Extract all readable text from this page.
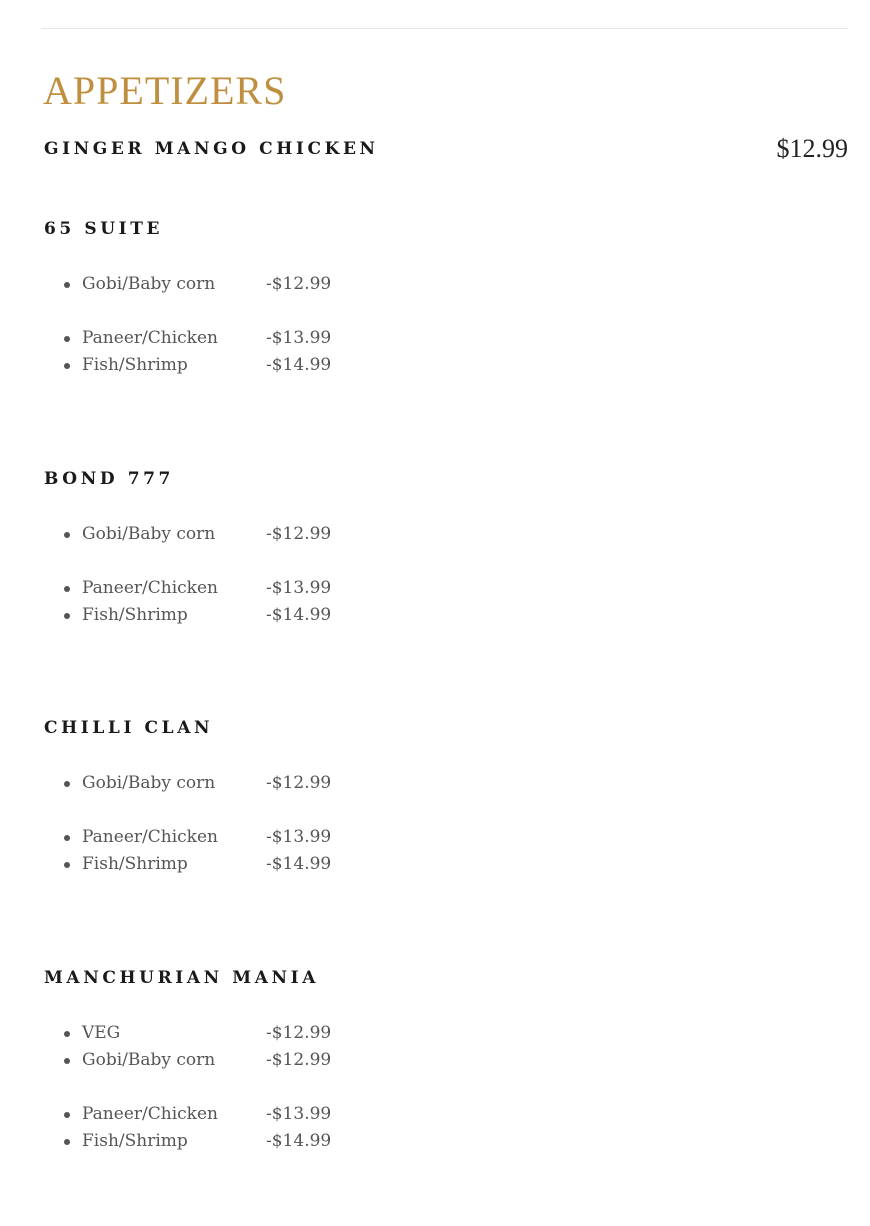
APPETIZERS
GINGER MANGO CHICKEN	$12.99
65 SUITE
Gobi/Baby corn	-$12.99
Paneer/Chicken	-$13.99
Fish/Shrimp	-$14.99
BOND 777
Gobi/Baby corn	-$12.99
Paneer/Chicken	-$13.99
Fish/Shrimp	-$14.99
CHILLI CLAN
Gobi/Baby corn	-$12.99
Paneer/Chicken	-$13.99
Fish/Shrimp	-$14.99
MANCHURIAN MANIA
VEG	-$12.99
Gobi/Baby corn	-$12.99
Paneer/Chicken	-$13.99
Fish/Shrimp	-$14.99
